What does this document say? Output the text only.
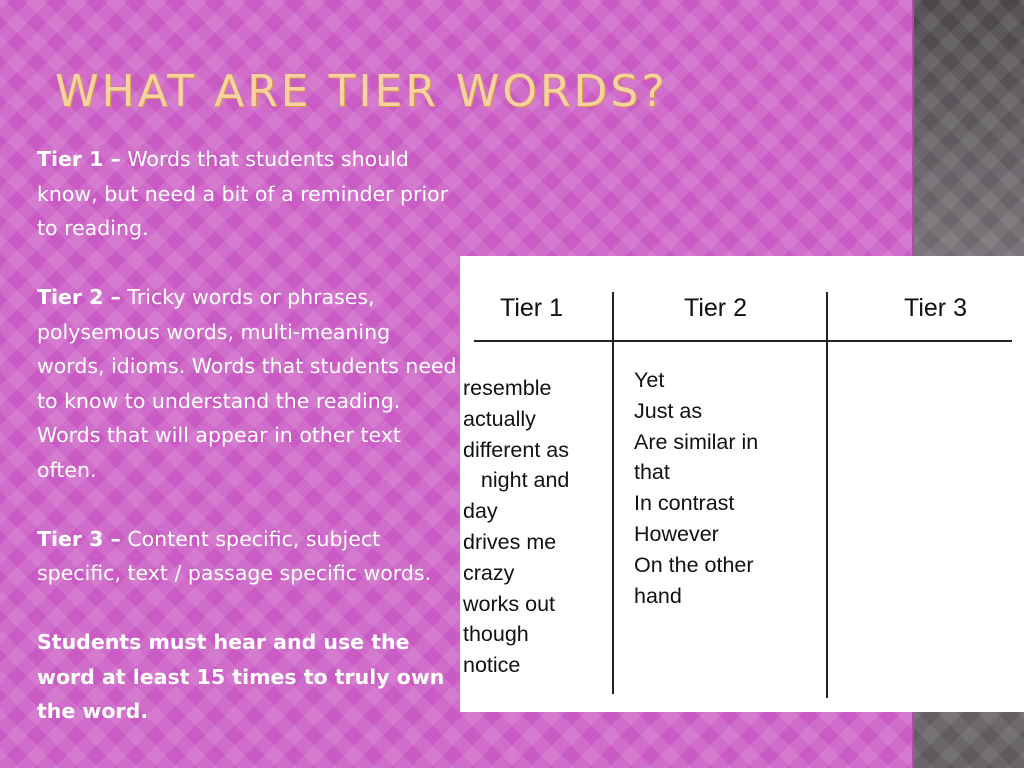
WHAT ARE TIER WORDS?

Tier 1 – Words that students should know, but need a bit of a reminder prior to reading.

Tier 2 – Tricky words or phrases, polysemous words, multi-meaning words, idioms. Words that students need to know to understand the reading. Words that will appear in other text often.

Tier 3 – Content specific, subject specific, text / passage specific words.

Students must hear and use the word at least 15 times to truly own the word.

Tier 1	Tier 2	Tier 3
resemble
actually
different as
night and
day
drives me
crazy
works out
though
notice
Yet
Just as
Are similar in
that
In contrast
However
On the other
hand
